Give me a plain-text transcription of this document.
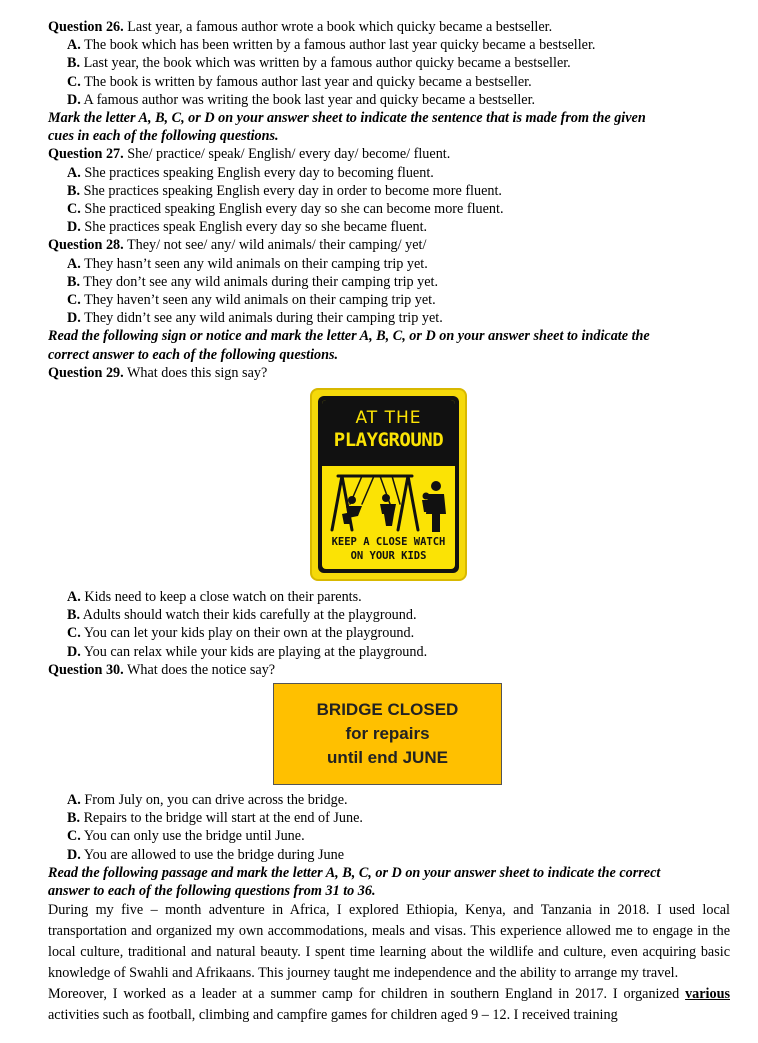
Question 26. Last year, a famous author wrote a book which quicky became a bestseller.
A. The book which has been written by a famous author last year quicky became a bestseller.
B. Last year, the book which was written by a famous author quicky became a bestseller.
C. The book is written by famous author last year and quicky became a bestseller.
D. A famous author was writing the book last year and quicky became a bestseller.
Mark the letter A, B, C, or D on your answer sheet to indicate the sentence that is made from the given
cues in each of the following questions.
Question 27. She/ practice/ speak/ English/ every day/ become/ fluent.
A. She practices speaking English every day to becoming fluent.
B. She practices speaking English every day in order to become more fluent.
C. She practiced speaking English every day so she can become more fluent.
D. She practices speak English every day so she became fluent.
Question 28. They/ not see/ any/ wild animals/ their camping/ yet/
A. They hasn’t seen any wild animals on their camping trip yet.
B. They don’t see any wild animals during their camping trip yet.
C. They haven’t seen any wild animals on their camping trip yet.
D. They didn’t see any wild animals during their camping trip yet.
Read the following sign or notice and mark the letter A, B, C, or D on your answer sheet to indicate the
correct answer to each of the following questions.
Question 29. What does this sign say?
AT THE
PLAYGROUND
KEEP A CLOSE WATCH
ON YOUR KIDS
A. Kids need to keep a close watch on their parents.
B. Adults should watch their kids carefully at the playground.
C. You can let your kids play on their own at the playground.
D. You can relax while your kids are playing at the playground.
Question 30. What does the notice say?
BRIDGE CLOSED
for repairs
until end JUNE
A. From July on, you can drive across the bridge.
B. Repairs to the bridge will start at the end of June.
C. You can only use the bridge until June.
D. You are allowed to use the bridge during June
Read the following passage and mark the letter A, B, C, or D on your answer sheet to indicate the correct
answer to each of the following questions from 31 to 36.

During my five – month adventure in Africa, I explored Ethiopia, Kenya, and Tanzania in 2018. I used local transportation and organized my own accommodations, meals and visas. This experience allowed me to engage in the local culture, traditional and natural beauty. I spent time learning about the wildlife and culture, even acquiring basic knowledge of Swahli and Afrikaans. This journey taught me independence and the ability to arrange my travel.

Moreover, I worked as a leader at a summer camp for children in southern England in 2017. I organized various activities such as football, climbing and campfire games for children aged 9 – 12. I received training
